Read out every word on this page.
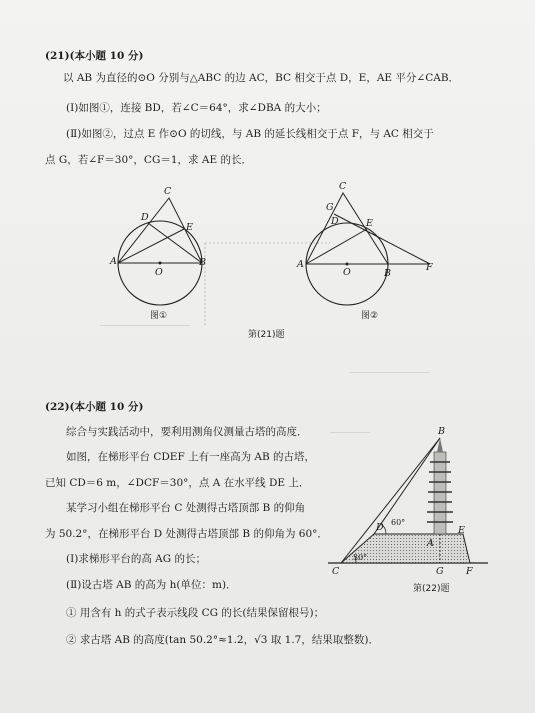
(21)(本小题 10 分)
以 AB 为直径的⊙O 分别与△ABC 的边 AC，BC 相交于点 D，E，AE 平分∠CAB．
(Ⅰ)如图①，连接 BD，若∠C＝64°，求∠DBA 的大小；
(Ⅱ)如图②，过点 E 作⊙O 的切线，与 AB 的延长线相交于点 F，与 AC 相交于
点 G，若∠F＝30°，CG＝1，求 AE 的长．
C
D
E
A	B
O
图①
C
G
D	E
A
O	B
F
图②
第(21)题
(22)(本小题 10 分)
综合与实践活动中，要利用测角仪测量古塔的高度．
如图，在梯形平台 CDEF 上有一座高为 AB 的古塔，
已知 CD＝6 m，∠DCF＝30°，点 A 在水平线 DE 上．
某学习小组在梯形平台 C 处测得古塔顶部 B 的仰角
为 50.2°，在梯形平台 D 处测得古塔顶部 B 的仰角为 60°．
(Ⅰ)求梯形平台的高 AG 的长；
(Ⅱ)设古塔 AB 的高为 h(单位：m)．
① 用含有 h 的式子表示线段 CG 的长(结果保留根号)；
② 求古塔 AB 的高度(tan 50.2°≈1.2，√3 取 1.7，结果取整数)．
B
D	E
A
C	G F
60°
30°
第(22)题
